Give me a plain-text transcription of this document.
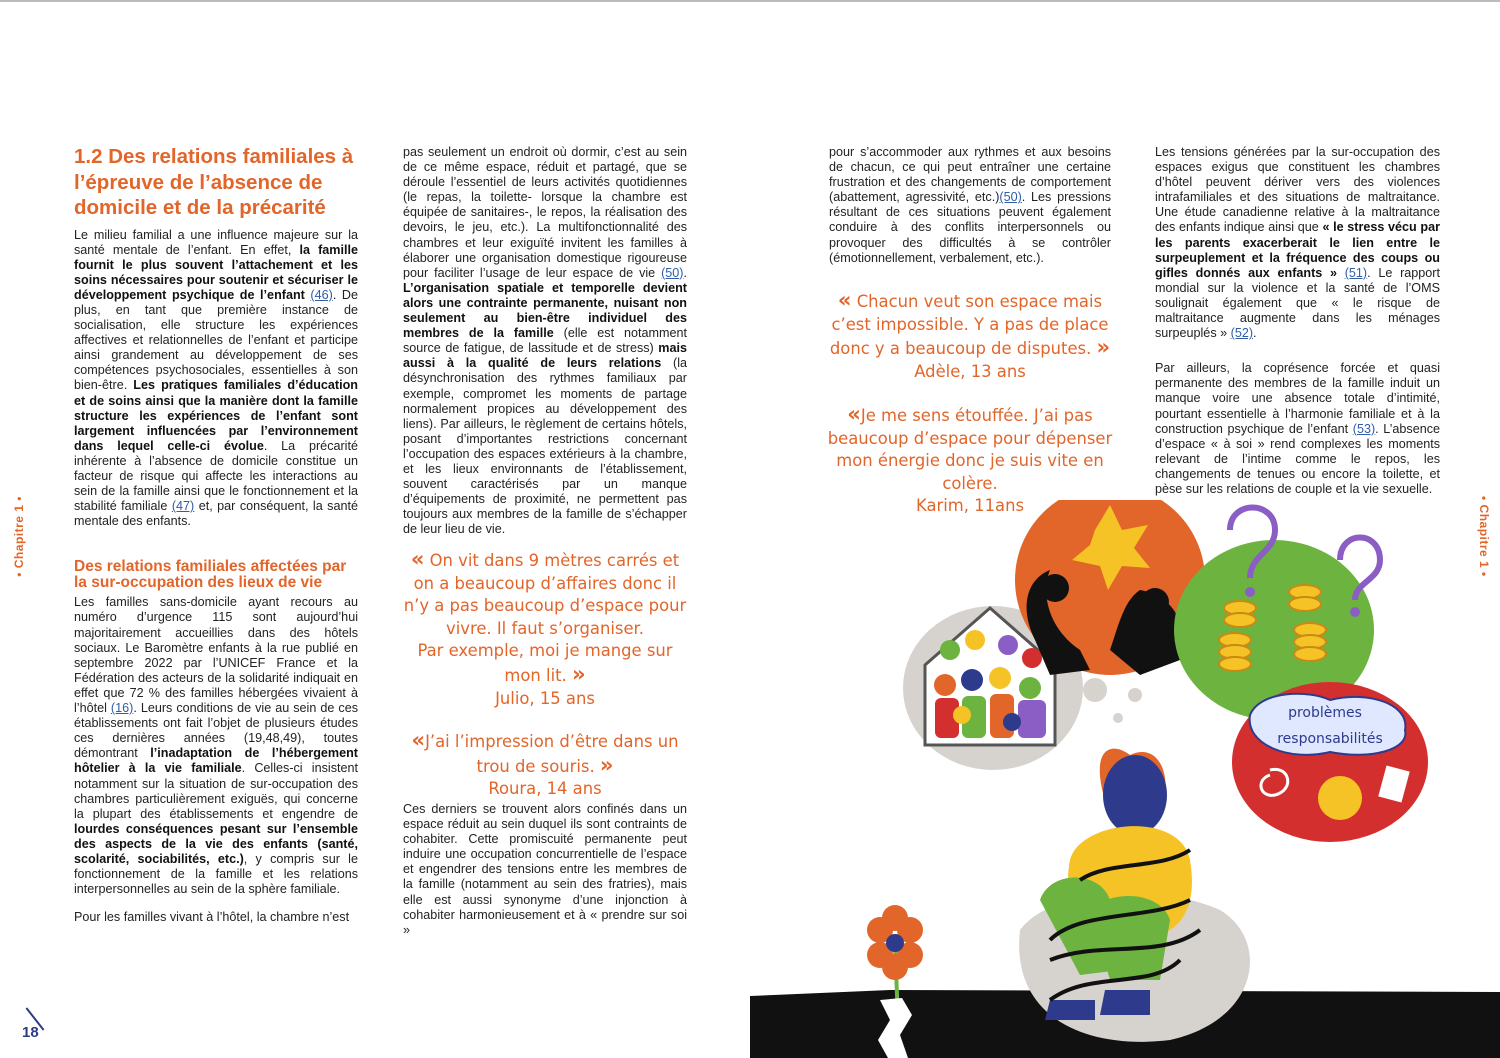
1.2 Des relations familiales à l’épreuve de l’absence de domicile et de la précarité

Le milieu familial a une influence majeure sur la santé mentale de l’enfant. En effet, la famille fournit le plus souvent l’attachement et les soins nécessaires pour soutenir et sécuriser le développement psychique de l’enfant (46). De plus, en tant que première instance de socialisation, elle structure les expériences affectives et relationnelles de l’enfant et participe ainsi grandement au développement de ses compétences psychosociales, essentielles à son bien-être. Les pratiques familiales d’éducation et de soins ainsi que la manière dont la famille structure les expériences de l’enfant sont largement influencées par l’environnement dans lequel celle-ci évolue. La précarité inhérente à l’absence de domicile constitue un facteur de risque qui affecte les interactions au sein de la famille ainsi que le fonctionnement et la stabilité familiale (47) et, par conséquent, la santé mentale des enfants.

Des relations familiales affectées par la sur-occupation des lieux de vie

Les familles sans-domicile ayant recours au numéro d’urgence 115 sont aujourd’hui majoritairement accueillies dans des hôtels sociaux. Le Baromètre enfants à la rue publié en septembre 2022 par l’UNICEF France et la Fédération des acteurs de la solidarité indiquait en effet que 72 % des familles hébergées vivaient à l’hôtel (16). Leurs conditions de vie au sein de ces établissements ont fait l’objet de plusieurs études ces dernières années (19,48,49), toutes démontrant l’inadaptation de l’hébergement hôtelier à la vie familiale. Celles-ci insistent notamment sur la situation de sur-occupation des chambres particulièrement exiguës, qui concerne la plupart des établissements et engendre de lourdes conséquences pesant sur l’ensemble des aspects de la vie des enfants (santé, scolarité, sociabilités, etc.), y compris sur le fonctionnement de la famille et les relations interpersonnelles au sein de la sphère familiale.

Pour les familles vivant à l’hôtel, la chambre n’est

pas seulement un endroit où dormir, c’est au sein de ce même espace, réduit et partagé, que se déroule l’essentiel de leurs activités quotidiennes (le repas, la toilette- lorsque la chambre est équipée de sanitaires-, le repos, la réalisation des devoirs, le jeu, etc.). La multifonctionnalité des chambres et leur exiguïté invitent les familles à élaborer une organisation domestique rigoureuse pour faciliter l’usage de leur espace de vie (50). L’organisation spatiale et temporelle devient alors une contrainte permanente, nuisant non seulement au bien-être individuel des membres de la famille (elle est notamment source de fatigue, de lassitude et de stress) mais aussi à la qualité de leurs relations (la désynchronisation des rythmes familiaux par exemple, compromet les moments de partage normalement propices au développement des liens). Par ailleurs, le règlement de certains hôtels, posant d’importantes restrictions concernant l’occupation des espaces extérieurs à la chambre, et les lieux environnants de l’établissement, souvent caractérisés par un manque d’équipements de proximité, ne permettent pas toujours aux membres de la famille de s’échapper de leur lieu de vie.

« On vit dans 9 mètres carrés et
on a beaucoup d’affaires donc il
n’y a pas beaucoup d’espace pour
vivre. Il faut s’organiser.
Par exemple, moi je mange sur
mon lit. »
Julio, 15 ans
«J’ai l’impression d’être dans un
trou de souris. »
Roura, 14 ans

Ces derniers se trouvent alors confinés dans un espace réduit au sein duquel ils sont contraints de cohabiter. Cette promiscuité permanente peut induire une occupation concurrentielle de l’espace et engendrer des tensions entre les membres de la famille (notamment au sein des fratries), mais elle est aussi synonyme d’une injonction à cohabiter harmonieusement et à « prendre sur soi »

pour s’accommoder aux rythmes et aux besoins de chacun, ce qui peut entraîner une certaine frustration et des changements de comportement (abattement, agressivité, etc.)(50). Les pressions résultant de ces situations peuvent également conduire à des conflits interpersonnels ou provoquer des difficultés à se contrôler (émotionnellement, verbalement, etc.).

« Chacun veut son espace mais
c’est impossible. Y a pas de place
donc y a beaucoup de disputes. »
Adèle, 13 ans
«Je me sens étouffée. J’ai pas
beaucoup d’espace pour dépenser
mon énergie donc je suis vite en
colère.
Karim, 11ans

Les tensions générées par la sur-occupation des espaces exigus que constituent les chambres d’hôtel peuvent dériver vers des violences intrafamiliales et des situations de maltraitance. Une étude canadienne relative à la maltraitance des enfants indique ainsi que « le stress vécu par les parents exacerberait le lien entre le surpeuplement et la fréquence des coups ou gifles donnés aux enfants » (51). Le rapport mondial sur la violence et la santé de l’OMS soulignait également que « le risque de maltraitance augmente dans les ménages surpeuplés » (52).

Par ailleurs, la coprésence forcée et quasi permanente des membres de la famille induit un manque voire une absence totale d’intimité, pourtant essentielle à l’harmonie familiale et à la construction psychique de l’enfant (53). L’absence d’espace « à soi » rend complexes les moments relevant de l’intime comme le repos, les changements de tenues ou encore la toilette, et pèse sur les relations de couple et la vie sexuelle.

• Chapitre 1 •	• Chapitre 1 •
18
problèmes
responsabilités
